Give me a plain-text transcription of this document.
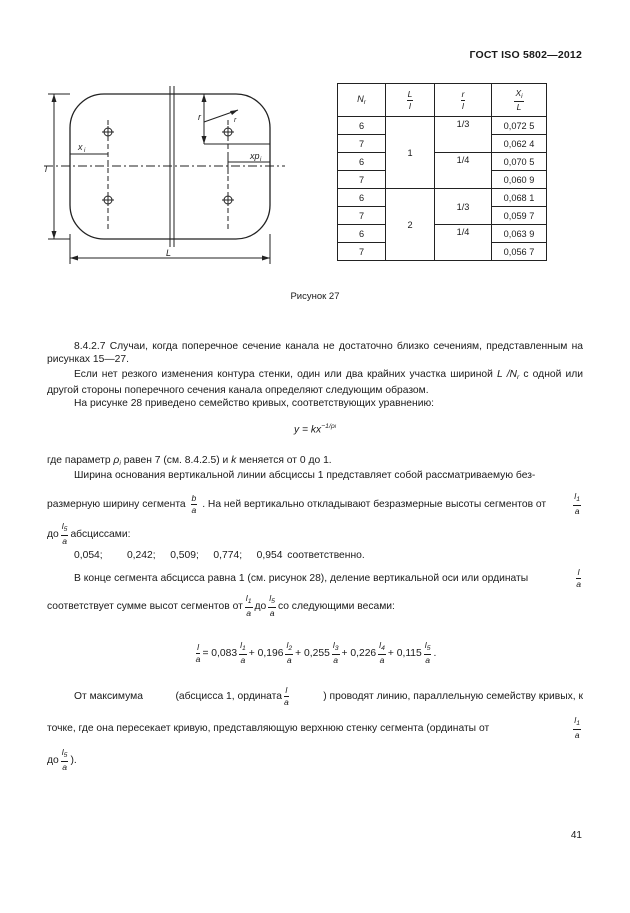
ГОСТ ISO 5802—2012
l
L
r	r
x i	xp i
$N_r$	$\frac{L}{l}$	$\frac{r}{l}$	$\frac{X_i}{L}$

6	1	1/3	0,072 5
7			0,062 4
6		1/4	0,070 5
7			0,060 9
6	2	1/3	0,068 1
7			0,059 7
6		1/4	0,063 9
7			0,056 7
Рисунок 27
8.4.2.7 Случаи, когда поперечное сечение канала не достаточно близко сечениям, представленным на рисунках 15—27.
Если нет резкого изменения контура стенки, один или два крайних участка шириной L /Nr с одной или другой стороны поперечного сечения канала определяют следующим образом.
На рисунке 28 приведено семейство кривых, соответствующих уравнению:
$y = kx^{-1/\rho i}$
где параметр ρi равен 7 (см. 8.4.2.5) и k меняется от 0 до 1.
Ширина основания вертикальной линии абсциссы 1 представляет собой рассматриваемую без-
размерную ширину сегмента $\frac{b}{a}$ . На ней вертикально откладывают безразмерные высоты сегментов от
$l_1$
a
до
$l_5$
a
абсциссами:
0,054; 0,242; 0,509; 0,774; 0,954 соответственно.
В конце сегмента абсцисса равна 1 (см. рисунок 28), деление вертикальной оси или ординаты
l
a
соответствует сумме высот сегментов от
$l_1$
a
до
$l_5$
a
со следующими весами:
$\frac{l}{a} = 0,083$
$l_1$
a
+ 0,196
$l_2$
a
+ 0,255
$l_3$
a
+ 0,226
$l_4$
a
+ 0,115
$l_5$
a
.
От максимума	(абсцисса 1, ордината
l
a	) проводят линию, параллельную семейству кривых, к
точке, где она пересекает кривую, представляющую верхнюю стенку сегмента (ординаты от
$l_1$
a
до
$l_5$
a
).
41
